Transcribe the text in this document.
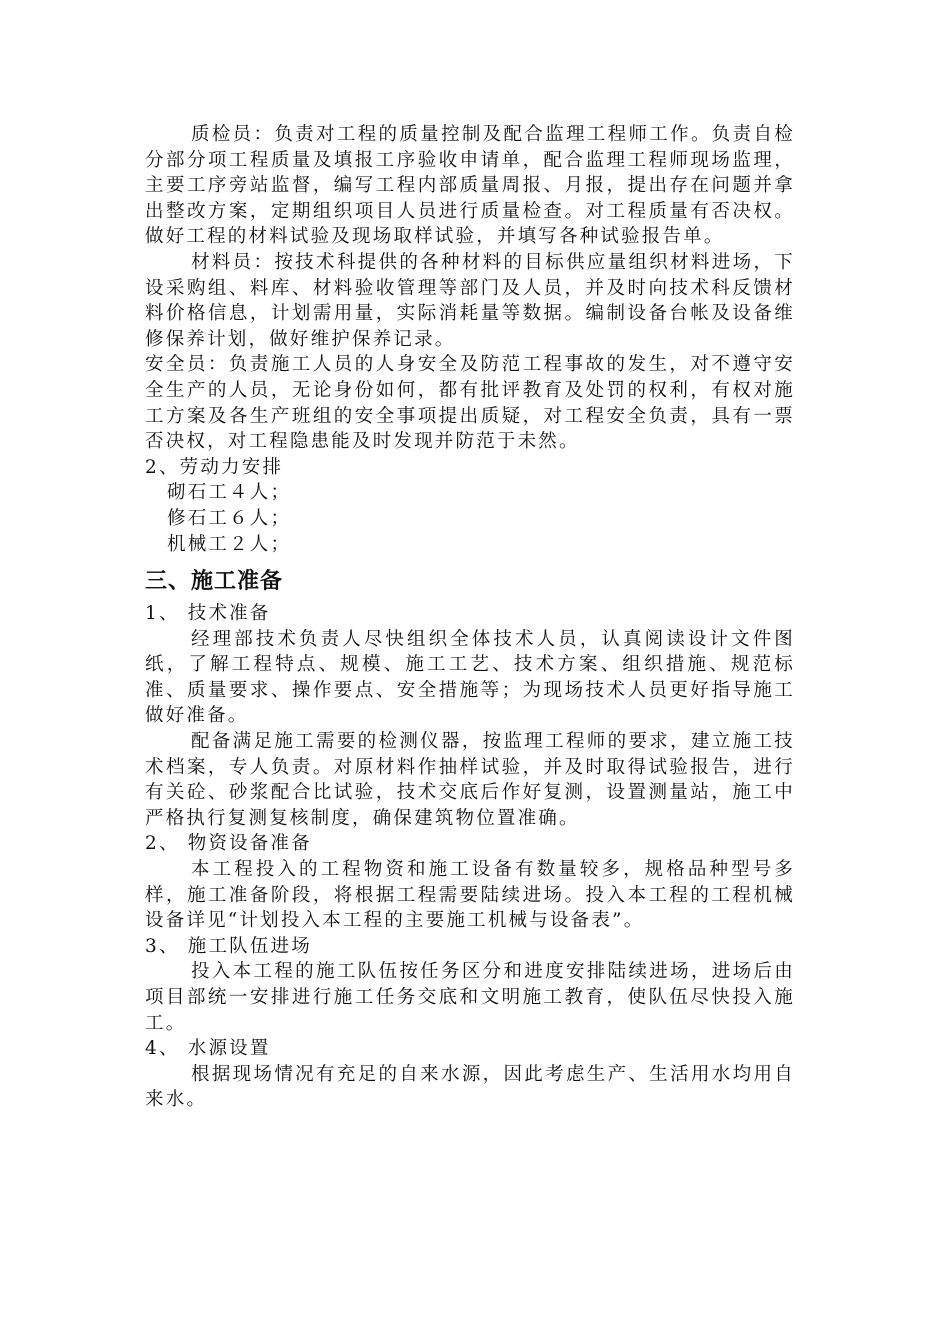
质检员：负责对工程的质量控制及配合监理工程师工作。负责自检分部分项工程质量及填报工序验收申请单，配合监理工程师现场监理，主要工序旁站监督，编写工程内部质量周报、月报，提出存在问题并拿出整改方案，定期组织项目人员进行质量检查。对工程质量有否决权。做好工程的材料试验及现场取样试验，并填写各种试验报告单。

材料员：按技术科提供的各种材料的目标供应量组织材料进场，下设采购组、料库、材料验收管理等部门及人员，并及时向技术科反馈材料价格信息，计划需用量，实际消耗量等数据。编制设备台帐及设备维修保养计划，做好维护保养记录。

安全员：负责施工人员的人身安全及防范工程事故的发生，对不遵守安全生产的人员，无论身份如何，都有批评教育及处罚的权利，有权对施工方案及各生产班组的安全事项提出质疑，对工程安全负责，具有一票否决权，对工程隐患能及时发现并防范于未然。

2、劳动力安排

砌石工４人；

修石工６人；

机械工２人；

三、施工准备

1、 技术准备

经理部技术负责人尽快组织全体技术人员，认真阅读设计文件图纸，了解工程特点、规模、施工工艺、技术方案、组织措施、规范标准、质量要求、操作要点、安全措施等；为现场技术人员更好指导施工做好准备。

配备满足施工需要的检测仪器，按监理工程师的要求，建立施工技术档案，专人负责。对原材料作抽样试验，并及时取得试验报告，进行有关砼、砂浆配合比试验，技术交底后作好复测，设置测量站，施工中严格执行复测复核制度，确保建筑物位置准确。

2、 物资设备准备

本工程投入的工程物资和施工设备有数量较多，规格品种型号多样，施工准备阶段，将根据工程需要陆续进场。投入本工程的工程机械设备详见“计划投入本工程的主要施工机械与设备表”。

3、 施工队伍进场

投入本工程的施工队伍按任务区分和进度安排陆续进场，进场后由项目部统一安排进行施工任务交底和文明施工教育，使队伍尽快投入施工。

4、 水源设置

根据现场情况有充足的自来水源，因此考虑生产、生活用水均用自来水。
